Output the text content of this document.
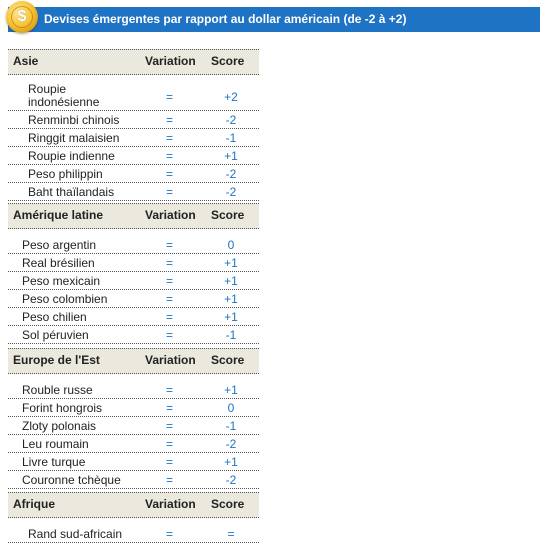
Devises émergentes par rapport au dollar américain (de -2 à +2)
$
Asie	Variation Score
Roupie indonésienne	=	+2
Renminbi chinois	=	-2
Ringgit malaisien	=	-1
Roupie indienne	=	+1
Peso philippin	=	-2
Baht thaïlandais	=	-2
Amérique latine	Variation Score
Peso argentin	=	0
Real brésilien	=	+1
Peso mexicain	=	+1
Peso colombien	=	+1
Peso chilien	=	+1
Sol péruvien	=	-1
Europe de l'Est	Variation Score
Rouble russe	=	+1
Forint hongrois	=	0
Zloty polonais	=	-1
Leu roumain	=	-2
Livre turque	=	+1
Couronne tchèque	=	-2
Afrique	Variation Score
Rand sud-africain	=	=
